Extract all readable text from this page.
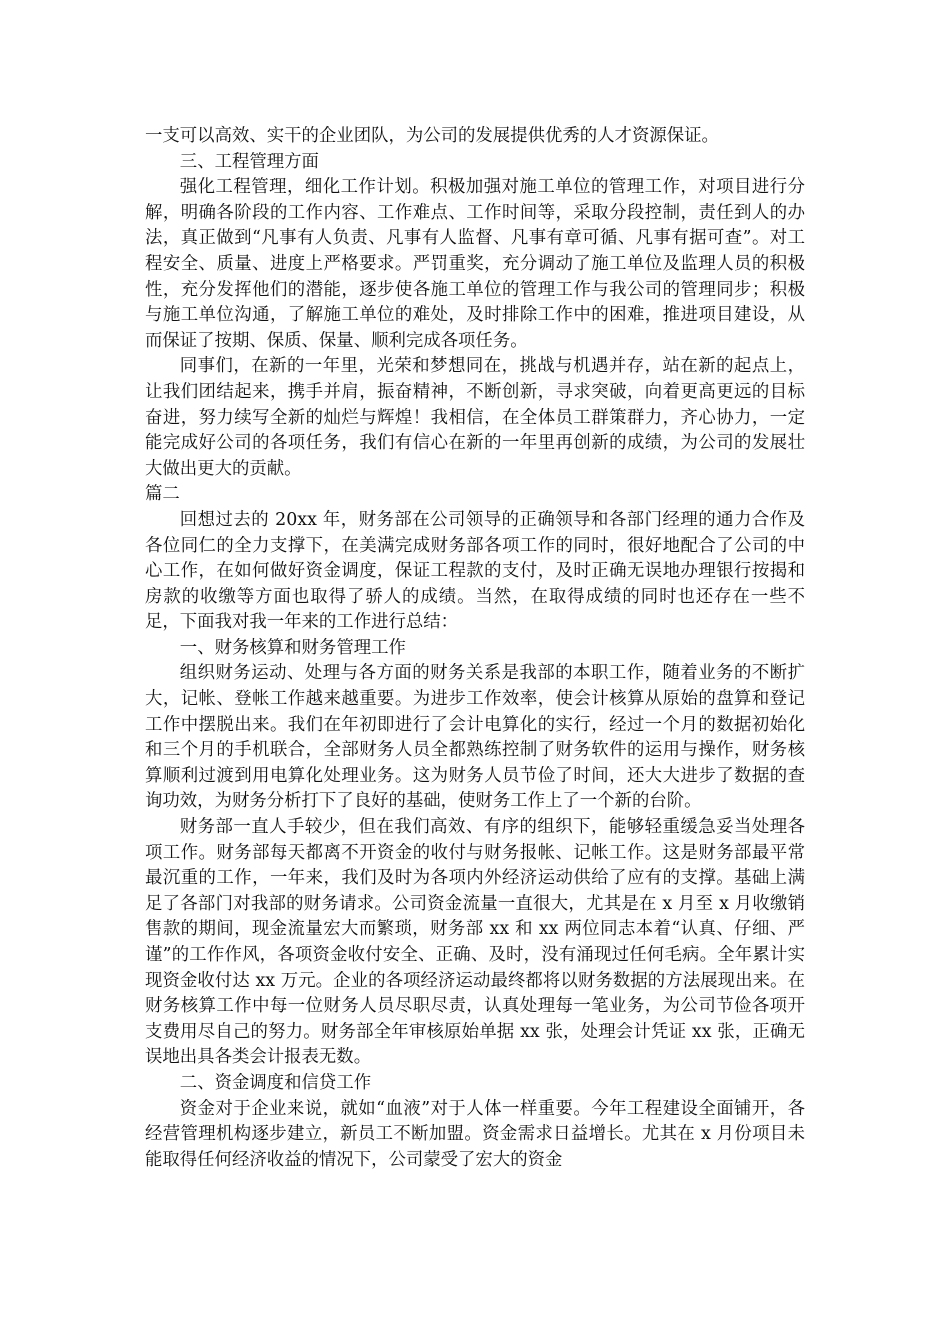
一支可以高效、实干的企业团队，为公司的发展提供优秀的人才资源保证。

三、工程管理方面

强化工程管理，细化工作计划。积极加强对施工单位的管理工作，对项目进行分解，明确各阶段的工作内容、工作难点、工作时间等，采取分段控制，责任到人的办法，真正做到“凡事有人负责、凡事有人监督、凡事有章可循、凡事有据可查”。对工程安全、质量、进度上严格要求。严罚重奖，充分调动了施工单位及监理人员的积极性，充分发挥他们的潜能，逐步使各施工单位的管理工作与我公司的管理同步；积极与施工单位沟通，了解施工单位的难处，及时排除工作中的困难，推进项目建设，从而保证了按期、保质、保量、顺利完成各项任务。

同事们，在新的一年里，光荣和梦想同在，挑战与机遇并存，站在新的起点上，让我们团结起来，携手并肩，振奋精神，不断创新，寻求突破，向着更高更远的目标奋进，努力续写全新的灿烂与辉煌！我相信，在全体员工群策群力，齐心协力，一定能完成好公司的各项任务，我们有信心在新的一年里再创新的成绩，为公司的发展壮大做出更大的贡献。

篇二

回想过去的 20xx 年，财务部在公司领导的正确领导和各部门经理的通力合作及各位同仁的全力支撑下，在美满完成财务部各项工作的同时，很好地配合了公司的中心工作，在如何做好资金调度，保证工程款的支付，及时正确无误地办理银行按揭和房款的收缴等方面也取得了骄人的成绩。当然，在取得成绩的同时也还存在一些不足，下面我对我一年来的工作进行总结：

一、财务核算和财务管理工作

组织财务运动、处理与各方面的财务关系是我部的本职工作，随着业务的不断扩大，记帐、登帐工作越来越重要。为进步工作效率，使会计核算从原始的盘算和登记工作中摆脱出来。我们在年初即进行了会计电算化的实行，经过一个月的数据初始化和三个月的手机联合，全部财务人员全都熟练控制了财务软件的运用与操作，财务核算顺利过渡到用电算化处理业务。这为财务人员节俭了时间，还大大进步了数据的查询功效，为财务分析打下了良好的基础，使财务工作上了一个新的台阶。

财务部一直人手较少，但在我们高效、有序的组织下，能够轻重缓急妥当处理各项工作。财务部每天都离不开资金的收付与财务报帐、记帐工作。这是财务部最平常最沉重的工作，一年来，我们及时为各项内外经济运动供给了应有的支撑。基础上满足了各部门对我部的财务请求。公司资金流量一直很大，尤其是在 x 月至 x 月收缴销售款的期间，现金流量宏大而繁琐，财务部 xx 和 xx 两位同志本着“认真、仔细、严谨”的工作作风，各项资金收付安全、正确、及时，没有涌现过任何毛病。全年累计实现资金收付达 xx 万元。企业的各项经济运动最终都将以财务数据的方法展现出来。在财务核算工作中每一位财务人员尽职尽责，认真处理每一笔业务，为公司节俭各项开支费用尽自己的努力。财务部全年审核原始单据 xx 张，处理会计凭证 xx 张，正确无误地出具各类会计报表无数。

二、资金调度和信贷工作

资金对于企业来说，就如“血液”对于人体一样重要。今年工程建设全面铺开，各经营管理机构逐步建立，新员工不断加盟。资金需求日益增长。尤其在 x 月份项目未能取得任何经济收益的情况下，公司蒙受了宏大的资金
